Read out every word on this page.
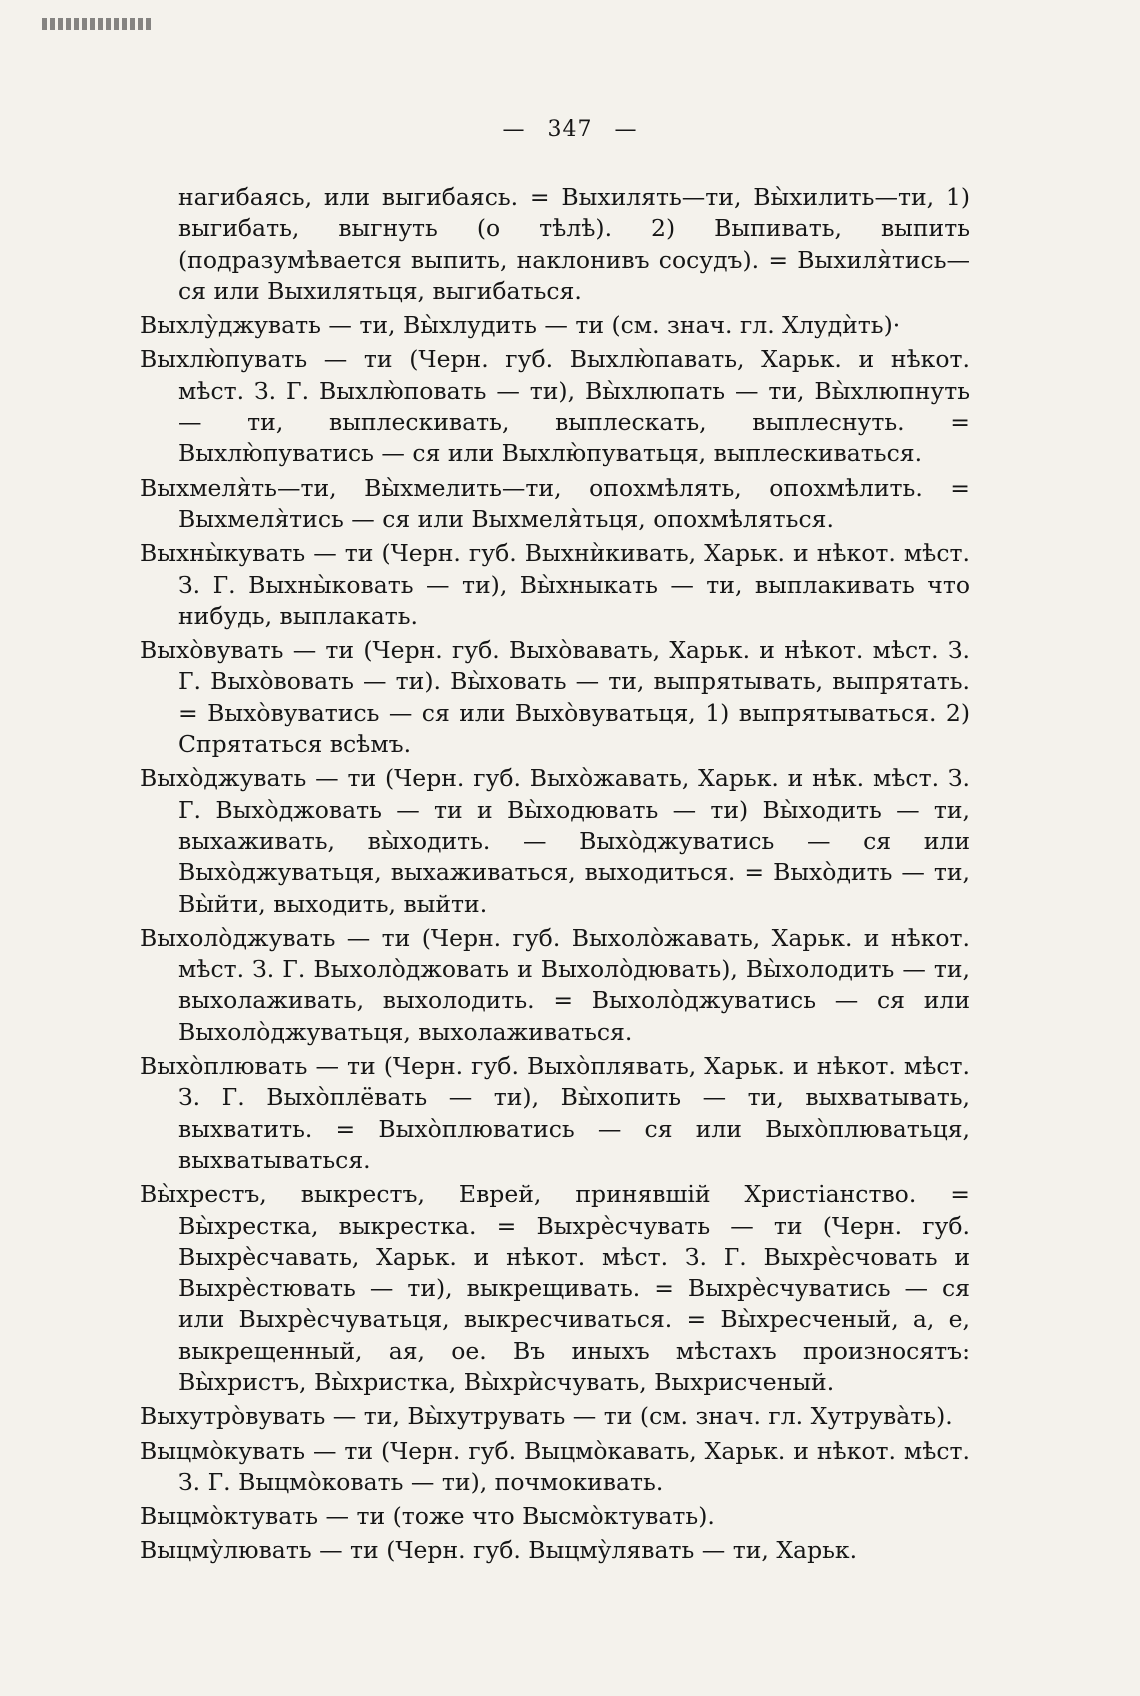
— 347 —

нагибаясь, или выгибаясь. = Выхилять—ти, Вы̀хилить—ти, 1) выгибать, выгнуть (о тѣлѣ). 2) Выпивать, выпить (подразумѣвается выпить, наклонивъ сосудъ). = Выхиля̀тись—ся или Выхилятьця, выгибаться.

Выхлу̀джувать — ти, Вы̀хлудить — ти (см. знач. гл. Хлудѝть)·

Выхлю̀пувать — ти (Черн. губ. Выхлю̀павать, Харьк. и нѣкот. мѣст. З. Г. Выхлю̀повать — ти), Вы̀хлюпать — ти, Вы̀хлюпнуть — ти, выплескивать, выплескать, выплеснуть. = Выхлю̀пуватись — ся или Выхлю̀пуватьця, выплескиваться.

Выхмеля̀ть—ти, Вы̀хмелить—ти, опохмѣлять, опохмѣлить. = Выхмеля̀тись — ся или Выхмеля̀тьця, опохмѣляться.

Выхны̀кувать — ти (Черн. губ. Выхнѝкивать, Харьк. и нѣкот. мѣст. З. Г. Выхны̀ковать — ти), Вы̀хныкать — ти, выплакивать что нибудь, выплакать.

Выхо̀вувать — ти (Черн. губ. Выхо̀вавать, Харьк. и нѣкот. мѣст. З. Г. Выхо̀вовать — ти). Вы̀ховать — ти, выпрятывать, выпрятать. = Выхо̀вуватись — ся или Выхо̀вуватьця, 1) выпрятываться. 2) Спрятаться всѣмъ.

Выхо̀джувать — ти (Черн. губ. Выхо̀жавать, Харьк. и нѣк. мѣст. З. Г. Выхо̀джовать — ти и Вы̀ходювать — ти) Вы̀ходить — ти, выхаживать, вы̀ходить. — Выхо̀джуватись — ся или Выхо̀джуватьця, выхаживаться, выходиться. = Выхо̀дить — ти, Вы̀йти, выходить, выйти.

Выхоло̀джувать — ти (Черн. губ. Выхоло̀жавать, Харьк. и нѣкот. мѣст. З. Г. Выхоло̀джовать и Выхоло̀дювать), Вы̀холодить — ти, выхолаживать, выхолодить. = Выхоло̀джуватись — ся или Выхоло̀джуватьця, выхолаживаться.

Выхо̀плювать — ти (Черн. губ. Выхо̀плявать, Харьк. и нѣкот. мѣст. З. Г. Выхо̀плёвать — ти), Вы̀хопить — ти, выхватывать, выхватить. = Выхо̀плюватись — ся или Выхо̀плюватьця, выхватываться.

Вы̀хрестъ, выкрестъ, Еврей, принявшій Христіанство. = Вы̀хрестка, выкрестка. = Выхрѐсчувать — ти (Черн. губ. Выхрѐсчавать, Харьк. и нѣкот. мѣст. З. Г. Выхрѐсчовать и Выхрѐстювать — ти), выкрещивать. = Выхрѐсчуватись — ся или Выхрѐсчуватьця, выкресчиваться. = Вы̀хресченый, а, е, выкрещенный, ая, ое. Въ иныхъ мѣстахъ произносятъ: Вы̀христъ, Вы̀христка, Вы̀хрѝсчувать, Выхрисченый.

Выхутро̀вувать — ти, Вы̀хутрувать — ти (см. знач. гл. Хутрува̀ть).

Выцмо̀кувать — ти (Черн. губ. Выцмо̀кавать, Харьк. и нѣкот. мѣст. З. Г. Выцмо̀ковать — ти), почмокивать.

Выцмо̀ктувать — ти (тоже что Высмо̀ктувать).

Выцму̀лювать — ти (Черн. губ. Выцму̀лявать — ти, Харьк.
